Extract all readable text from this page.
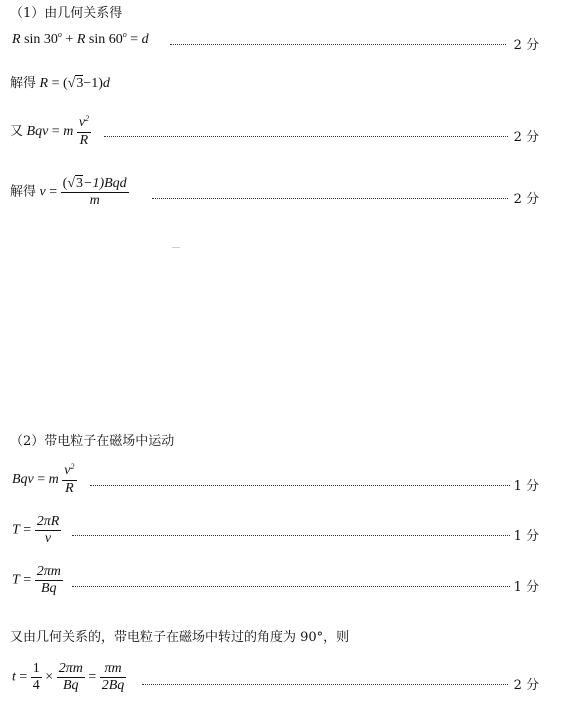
（1）由几何关系得
R $\sin 30^o + R$ $\sin 60^o = d$	2 分
解得 R = (√3−1)d
又 Bqv = m $\frac{v^2}{R}$	2 分
解得 $v = \frac{\text{(√3−1)Bqd}}{m}$	2 分
（2）带电粒子在磁场中运动
Bqv = m $\frac{v^2}{R}$	1 分
$T = \frac{2\pi R}{v}$	1 分
$T = \frac{2\pi m}{Bq}$	1 分
又由几何关系的，带电粒子在磁场中转过的角度为 90°，则
$t = \frac{1}{4} \times \frac{2\pi m}{Bq} = \frac{\pi m}{2Bq}$	2 分
